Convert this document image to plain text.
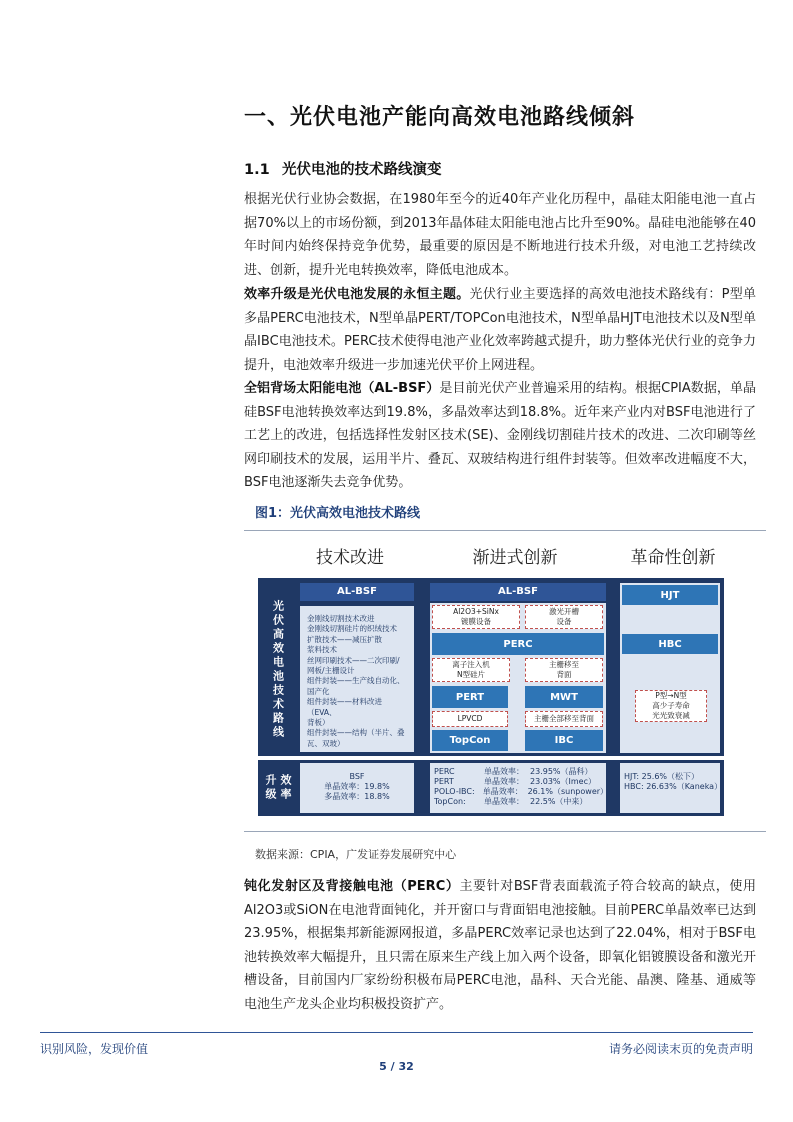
一、光伏电池产能向高效电池路线倾斜
1.1 光伏电池的技术路线演变
根据光伏行业协会数据，在1980年至今的近40年产业化历程中，晶硅太阳能电池一直占据70%以上的市场份额，到2013年晶体硅太阳能电池占比升至90%。晶硅电池能够在40年时间内始终保持竞争优势，最重要的原因是不断地进行技术升级，对电池工艺持续改进、创新，提升光电转换效率，降低电池成本。
效率升级是光伏电池发展的永恒主题。光伏行业主要选择的高效电池技术路线有：P型单多晶PERC电池技术，N型单晶PERT/TOPCon电池技术，N型单晶HJT电池技术以及N型单晶IBC电池技术。PERC技术使得电池产业化效率跨越式提升，助力整体光伏行业的竞争力提升，电池效率升级进一步加速光伏平价上网进程。
全铝背场太阳能电池（AL-BSF）是目前光伏产业普遍采用的结构。根据CPIA数据，单晶硅BSF电池转换效率达到19.8%，多晶效率达到18.8%。近年来产业内对BSF电池进行了工艺上的改进，包括选择性发射区技术(SE)、金刚线切割硅片技术的改进、二次印刷等丝网印刷技术的发展，运用半片、叠瓦、双玻结构进行组件封装等。但效率改进幅度不大，BSF电池逐渐失去竞争优势。
图1：光伏高效电池技术路线
技术改进	渐进式创新	革命性创新
光伏高效电池技术路线
效率升级
AL-BSF
金刚线切割技术改进
金刚线切割硅片的织绒技术
扩散技术——减压扩散
浆料技术
丝网印刷技术——二次印刷/
网板/主栅设计
组件封装——生产线自动化、
国产化
组件封装——材料改进（EVA、
背板）
组件封装——结构（半片、叠
瓦、双玻）
AL-BSF
Al2O3+SiNx
镀膜设备
激光开槽
设备
PERC
离子注入机
N型硅片
主栅移至
背面
PERT	MWT
LPVCD	主栅全部移至背面
TopCon	IBC
HJT
HBC
P型→N型
高少子寿命
光光致衰减
BSF
单晶效率：19.8%
多晶效率：18.8%
PERC	单晶效率： 23.95%（晶科）
PERT	单晶效率： 23.03%（Imec）
POLO-IBC:	单晶效率： 26.1%（sunpower）
TopCon:	单晶效率： 22.5%（中来）
HJT: 25.6%（松下）
HBC: 26.63%（Kaneka）
数据来源：CPIA，广发证券发展研究中心
钝化发射区及背接触电池（PERC）主要针对BSF背表面载流子符合较高的缺点，使用Al2O3或SiON在电池背面钝化，并开窗口与背面铝电池接触。目前PERC单晶效率已达到23.95%，根据集邦新能源网报道，多晶PERC效率记录也达到了22.04%，相对于BSF电池转换效率大幅提升，且只需在原来生产线上加入两个设备，即氧化铝镀膜设备和激光开槽设备，目前国内厂家纷纷积极布局PERC电池，晶科、天合光能、晶澳、隆基、通威等电池生产龙头企业均积极投资扩产。
识别风险，发现价值	请务必阅读末页的免责声明
5 / 32
